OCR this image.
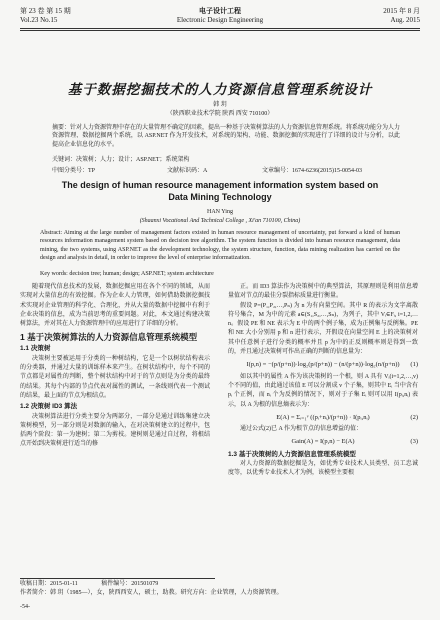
第 23 卷 第 15 期
Vol.23 No.15
电子设计工程
Electronic Design Engineering
2015 年 8 月
Aug. 2015
基于数据挖掘技术的人力资源信息管理系统设计
韩 玥
（陕西职业技术学院 陕西 西安 710100）
摘要：针对人力资源管理中存在的大量管理不确定的因素，提出一种基于决策树算法的人力资源信息管理系统。将系统功能分为人力资源管理、数据挖掘两个系统，以 ASP.NET 作为开发技术，对系统的架构、功能、数据挖掘的实现进行了详细的设计与分析，以此提高企业信息化的水平。
关键词：决策树；人力；设计；ASP.NET；系统架构
中图分类号：TP	文献标识码：A	文章编号：1674-6236(2015)15-0054-03
The design of human resource management information system based on Data Mining Technology
HAN Ying
(Shaanxi Vocational And Technical College , Xi'an 710100, China)
Abstract: Aiming at the large number of management factors existed in human resource management of uncertainty, put forward a kind of human resources information management system based on decision tree algorithm. The system function is divided into human resource management, data mining, the two systems, using ASP.NET as the development technology, the system structure, function, data mining realization has carried on the design and analysis in detail, in order to improve the level of enterprise informatization.
Key words: decision tree; human; design; ASP.NET; system architecture

随着现代信息技术的发展，数据挖掘应用在各个不同的领域，从而实现对大量信息的有效挖掘。作为企业人力管理，如何借助数据挖掘技术实现对企业管理的科学化、合理化，并从大量的数据中挖掘中有利于企业决策的信息，成为当前思考的重要问题。对此，本文通过构建决策树算法，并对其在人力资源管理中的应用进行了详细的分析。

1 基于决策树算法的人力资源信息管理系统模型
1.1 决策树

决策树主要被运用于分类的一种树结构，它是一个以树状结构表示的分类器，并通过大量的训练样本来产生。在树状结构中，每个不同的节点都是对属性的判断，整个树状结构中对于的节点则是为分类的最终的结果。其每个内部的节点代表对属性的测试，一条线则代表一个测试的结果，最上面的节点为根结点。

1.2 决策树 ID3 算法

决策树算法进行分类主要分为两部分，一部分是通过训练集建立决策树模型，另一部分则是对数据的输入，在对决策树建立的过程中，包括两个阶段：第一为建树；第二为剪枝。建树则是通过自过程，将根结点开始到决策树进行适当的修

正。而 ID3 算法作为决策树中的典型算法，其原理则是利用信息增量值对节点的最佳分裂指标质量进行衡量。

假设 P=(P₁,P₂,…,Pₙ) 为 n 为有向量空间。其中 R 的表示为文字离散符号集合，M 为中的元素 a∈(S₁,S₂,…,Sₙ)，为列子，其中 Vᵢ∈Fᵢ, i=1,2,…n。假设 PE 和 NE 表示为 E 中的两个例子集，成为正例集与反例集。PE 和 NE 大小分别用 p 和 n 进行表示，开假设在向量空间 E 上的决策树对其中任意例子进行分类的概率并且 p 为中的正反则概率则是得到一致的，并且通过决策树可作出正确的判断的信息量为：

I(p,n) = −(p/(p+n))·log₂(p/(p+n)) − (n/(p+n))·log₂(n/(p+n)) (1)

如以其中的属性 A 作为该决策树的一个根，则 A 具有 Vᵢ(i=1,2,…,v) 个不同的值，由此通过该值 E 可以分割成 v 个子集，则其中 Eᵢ 当中含有 pᵢ 个正例，而 nᵢ 个为反例的情况下，则对于子集 Eᵢ 则可以用 I(pᵢ,nᵢ) 表示，以 A 为根的信息熵表示为：

E(A) = Σᵢ₌₁ᵛ ((pᵢ+nᵢ)/(p+n)) · I(pᵢ,nᵢ)	(2)

通过公式(2)已 A 作为根节点的信息增益的值：

Gain(A) = I(p,n) − E(A)	(3)
1.3 基于决策树的人力资源信息管理系统模型

对人力资源的数据挖掘是为，如优秀专业技术人员类型、员工忠诚度等，以优秀专业技术人才为例，该模型主要根

收稿日期：2015-01-11	稿件编号：201501079
作者简介：韩 玥（1985—），女，陕西西安人，硕士，助教。研究方向：企业管理，人力资源管理。
-54-
